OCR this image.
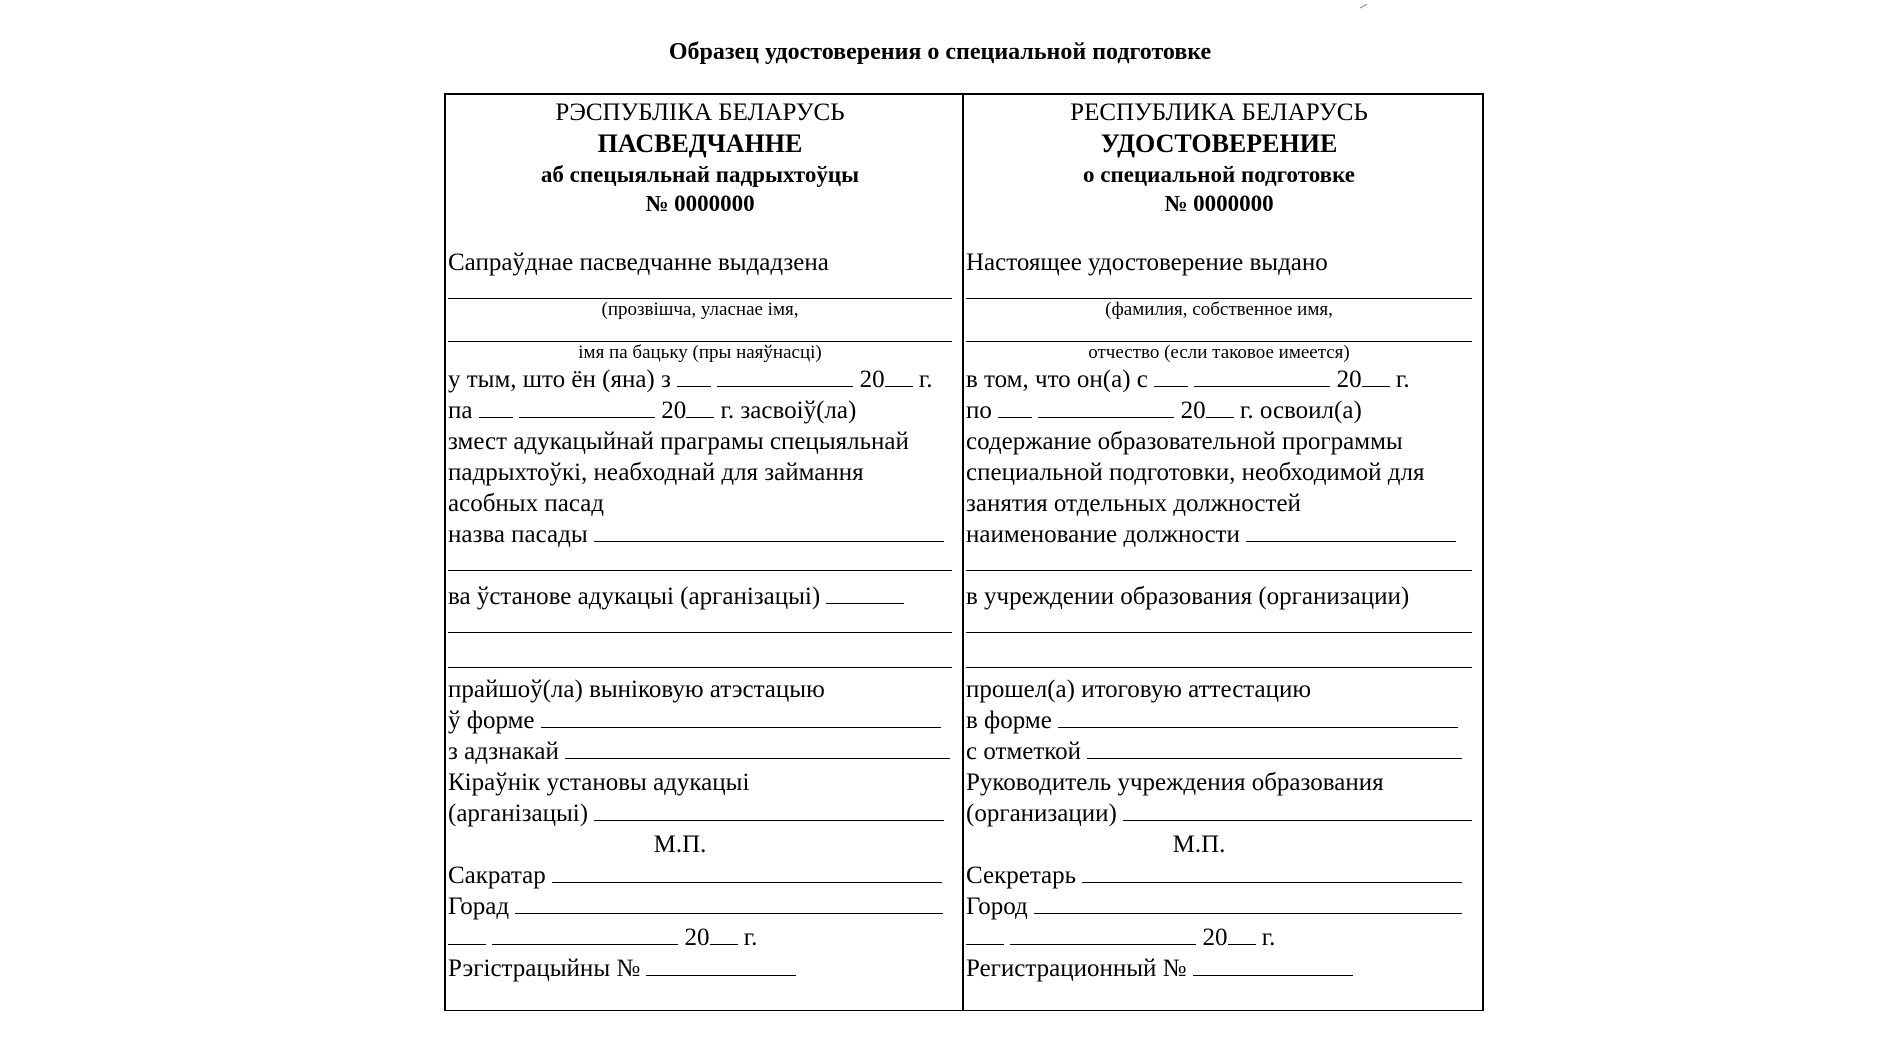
Образец удостоверения о специальной подготовке
РЭСПУБЛІКА БЕЛАРУСЬ
ПАСВЕДЧАННЕ
аб спецыяльнай падрыхтоўцы
№ 0000000
Сапраўднае пасведчанне выдадзена
(прозвішча, уласнае імя,
імя па бацьку (пры наяўнасці)
у тым, што ён (яна) з	20 г.
па	20 г. засвоіў(ла)
змест адукацыйнай праграмы спецыяльнай
падрыхтоўкі, неабходнай для займання
асобных пасад
назва пасады
ва ўстанове адукацыі (арганізацыі)
прайшоў(ла) выніковую атэстацыю
ў форме
з адзнакай
Кіраўнік установы адукацыі
(арганізацыі)
М.П.
Сакратар
Горад
20 г.
Рэгістрацыйны №
РЕСПУБЛИКА БЕЛАРУСЬ
УДОСТОВЕРЕНИЕ
о специальной подготовке
№ 0000000
Настоящее удостоверение выдано
(фамилия, собственное имя,
отчество (если таковое имеется)
в том, что он(а) с	20 г.
по	20 г. освоил(а)
содержание образовательной программы
специальной подготовки, необходимой для
занятия отдельных должностей
наименование должности
в учреждении образования (организации)
прошел(а) итоговую аттестацию
в форме
с отметкой
Руководитель учреждения образования
(организации)
М.П.
Секретарь
Город
20 г.
Регистрационный №
